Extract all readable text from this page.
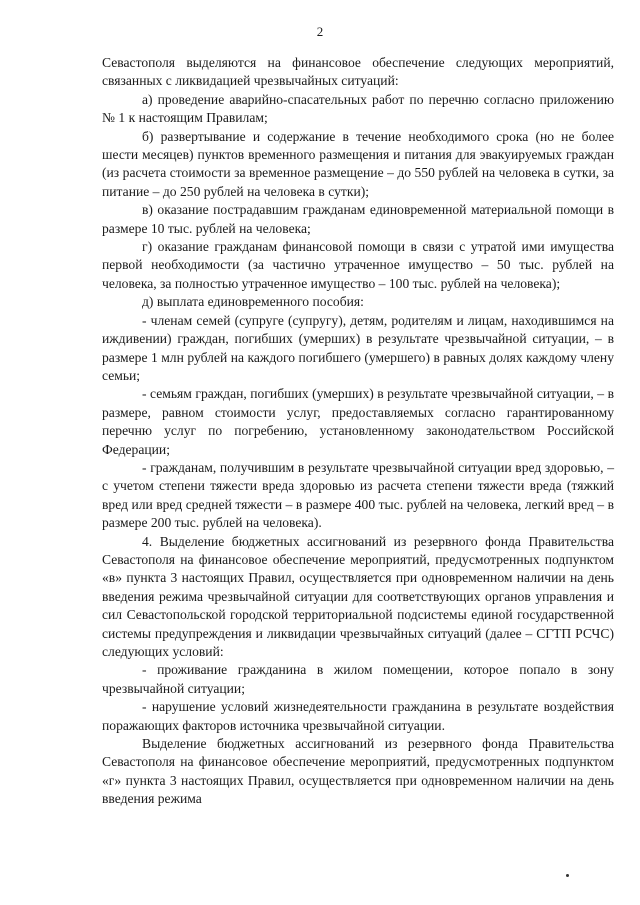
2

Севастополя выделяются на финансовое обеспечение следующих мероприятий, связанных с ликвидацией чрезвычайных ситуаций:

а) проведение аварийно-спасательных работ по перечню согласно приложению № 1 к настоящим Правилам;

б) развертывание и содержание в течение необходимого срока (но не более шести месяцев) пунктов временного размещения и питания для эвакуируемых граждан (из расчета стоимости за временное размещение – до 550 рублей на человека в сутки, за питание – до 250 рублей на человека в сутки);

в) оказание пострадавшим гражданам единовременной материальной помощи в размере 10 тыс. рублей на человека;

г) оказание гражданам финансовой помощи в связи с утратой ими имущества первой необходимости (за частично утраченное имущество – 50 тыс. рублей на человека, за полностью утраченное имущество – 100 тыс. рублей на человека);

д) выплата единовременного пособия:

- членам семей (супруге (супругу), детям, родителям и лицам, находившимся на иждивении) граждан, погибших (умерших) в результате чрезвычайной ситуации, – в размере 1 млн рублей на каждого погибшего (умершего) в равных долях каждому члену семьи;

- семьям граждан, погибших (умерших) в результате чрезвычайной ситуации, – в размере, равном стоимости услуг, предоставляемых согласно гарантированному перечню услуг по погребению, установленному законодательством Российской Федерации;

- гражданам, получившим в результате чрезвычайной ситуации вред здоровью, – с учетом степени тяжести вреда здоровью из расчета степени тяжести вреда (тяжкий вред или вред средней тяжести – в размере 400 тыс. рублей на человека, легкий вред – в размере 200 тыс. рублей на человека).

4. Выделение бюджетных ассигнований из резервного фонда Правительства Севастополя на финансовое обеспечение мероприятий, предусмотренных подпунктом «в» пункта 3 настоящих Правил, осуществляется при одновременном наличии на день введения режима чрезвычайной ситуации для соответствующих органов управления и сил Севастопольской городской территориальной подсистемы единой государственной системы предупреждения и ликвидации чрезвычайных ситуаций (далее – СГТП РСЧС) следующих условий:

- проживание гражданина в жилом помещении, которое попало в зону чрезвычайной ситуации;

- нарушение условий жизнедеятельности гражданина в результате воздействия поражающих факторов источника чрезвычайной ситуации.

Выделение бюджетных ассигнований из резервного фонда Правительства Севастополя на финансовое обеспечение мероприятий, предусмотренных подпунктом «г» пункта 3 настоящих Правил, осуществляется при одновременном наличии на день введения режима
